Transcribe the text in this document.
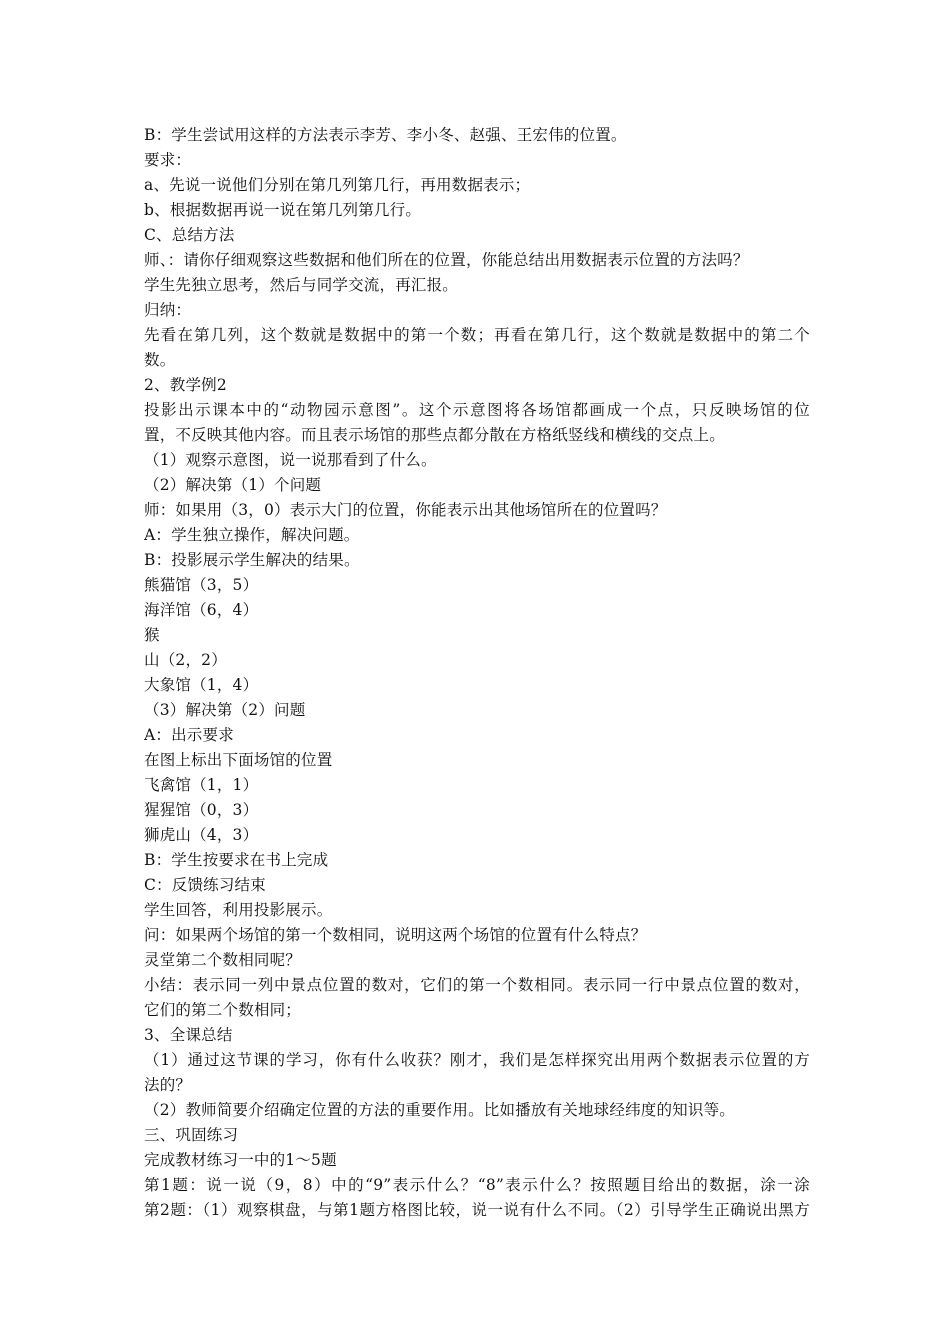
B：学生尝试用这样的方法表示李芳、李小冬、赵强、王宏伟的位置。
要求：
a、先说一说他们分别在第几列第几行，再用数据表示；
b、根据数据再说一说在第几列第几行。
C、总结方法
师、：请你仔细观察这些数据和他们所在的位置，你能总结出用数据表示位置的方法吗？
学生先独立思考，然后与同学交流，再汇报。
归纳：
先看在第几列，这个数就是数据中的第一个数；再看在第几行，这个数就是数据中的第二个
数。
2、教学例2
投影出示课本中的“动物园示意图”。这个示意图将各场馆都画成一个点，只反映场馆的位
置，不反映其他内容。而且表示场馆的那些点都分散在方格纸竖线和横线的交点上。
（1）观察示意图，说一说那看到了什么。
（2）解决第（1）个问题
师：如果用（3，0）表示大门的位置，你能表示出其他场馆所在的位置吗？
A：学生独立操作，解决问题。
B：投影展示学生解决的结果。
熊猫馆（3，5）
海洋馆（6，4）
猴
山（2，2）
大象馆（1，4）
（3）解决第（2）问题
A：出示要求
在图上标出下面场馆的位置
飞禽馆（1，1）
猩猩馆（0，3）
狮虎山（4，3）
B：学生按要求在书上完成
C：反馈练习结束
学生回答，利用投影展示。
问：如果两个场馆的第一个数相同，说明这两个场馆的位置有什么特点？
灵堂第二个数相同呢？
小结：表示同一列中景点位置的数对，它们的第一个数相同。表示同一行中景点位置的数对，
它们的第二个数相同；
3、全课总结
（1）通过这节课的学习，你有什么收获？刚才，我们是怎样探究出用两个数据表示位置的方
法的？
（2）教师简要介绍确定位置的方法的重要作用。比如播放有关地球经纬度的知识等。
三、巩固练习
完成教材练习一中的1～5题
第1题：说一说（9，8）中的“9”表示什么？“8”表示什么？按照题目给出的数据，涂一涂
第2题：（1）观察棋盘，与第1题方格图比较，说一说有什么不同。（2）引导学生正确说出黑方
